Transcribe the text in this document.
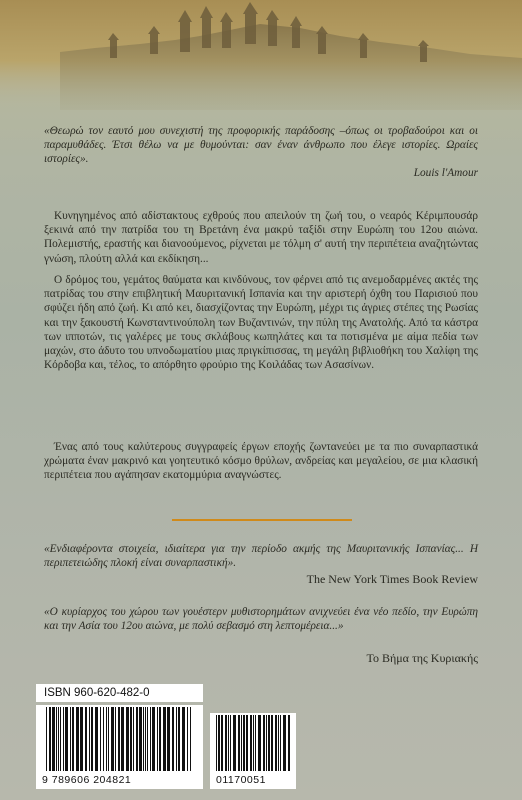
«Θεωρώ τον εαυτό μου συνεχιστή της προφορικής παράδοσης –όπως οι τροβαδούροι και οι παραμυθάδες. Έτσι θέλω να με θυμούνται: σαν έναν άνθρωπο που έλεγε ιστορίες. Ωραίες ιστορίες».
Louis l'Amour
Κυνηγημένος από αδίστακτους εχθρούς που απειλούν τη ζωή του, ο νεαρός Κέριμπουσάρ ξεκινά από την πατρίδα του τη Βρετάνη ένα μακρύ ταξίδι στην Ευρώπη του 12ου αιώνα. Πολεμιστής, εραστής και διανοούμενος, ρίχνεται με τόλμη σ' αυτή την περιπέτεια αναζητώντας γνώση, πλούτη αλλά και εκδίκηση...
Ο δρόμος του, γεμάτος θαύματα και κινδύνους, τον φέρνει από τις ανεμοδαρμένες ακτές της πατρίδας του στην επιβλητική Μαυριτανική Ισπανία και την αριστερή όχθη του Παρισιού που σφύζει ήδη από ζωή. Κι από κει, διασχίζοντας την Ευρώπη, μέχρι τις άγριες στέπες της Ρωσίας και την ξακουστή Κωνσταντινούπολη των Βυζαντινών, την πύλη της Ανατολής. Από τα κάστρα των ιπποτών, τις γαλέρες με τους σκλάβους κωπηλάτες και τα ποτισμένα με αίμα πεδία των μαχών, στο άδυτο του υπνοδωματίου μιας πριγκίπισσας, τη μεγάλη βιβλιοθήκη του Χαλίφη της Κόρδοβα και, τέλος, το απόρθητο φρούριο της Κοιλάδας των Ασασίνων.
Ένας από τους καλύτερους συγγραφείς έργων εποχής ζωντανεύει με τα πιο συναρπαστικά χρώματα έναν μακρινό και γοητευτικό κόσμο θρύλων, ανδρείας και μεγαλείου, σε μια κλασική περιπέτεια που αγάπησαν εκατομμύρια αναγνώστες.
«Ενδιαφέροντα στοιχεία, ιδιαίτερα για την περίοδο ακμής της Μαυριτανικής Ισπανίας... Η περιπετειώδης πλοκή είναι συναρπαστική».
The New York Times Book Review
«Ο κυρίαρχος του χώρου των γουέστερν μυθιστορημάτων ανιχνεύει ένα νέο πεδίο, την Ευρώπη και την Ασία του 12ου αιώνα, με πολύ σεβασμό στη λεπτομέρεια...»
Το Βήμα της Κυριακής
ISBN 960-620-482-0
9 789606 204821	01170051
